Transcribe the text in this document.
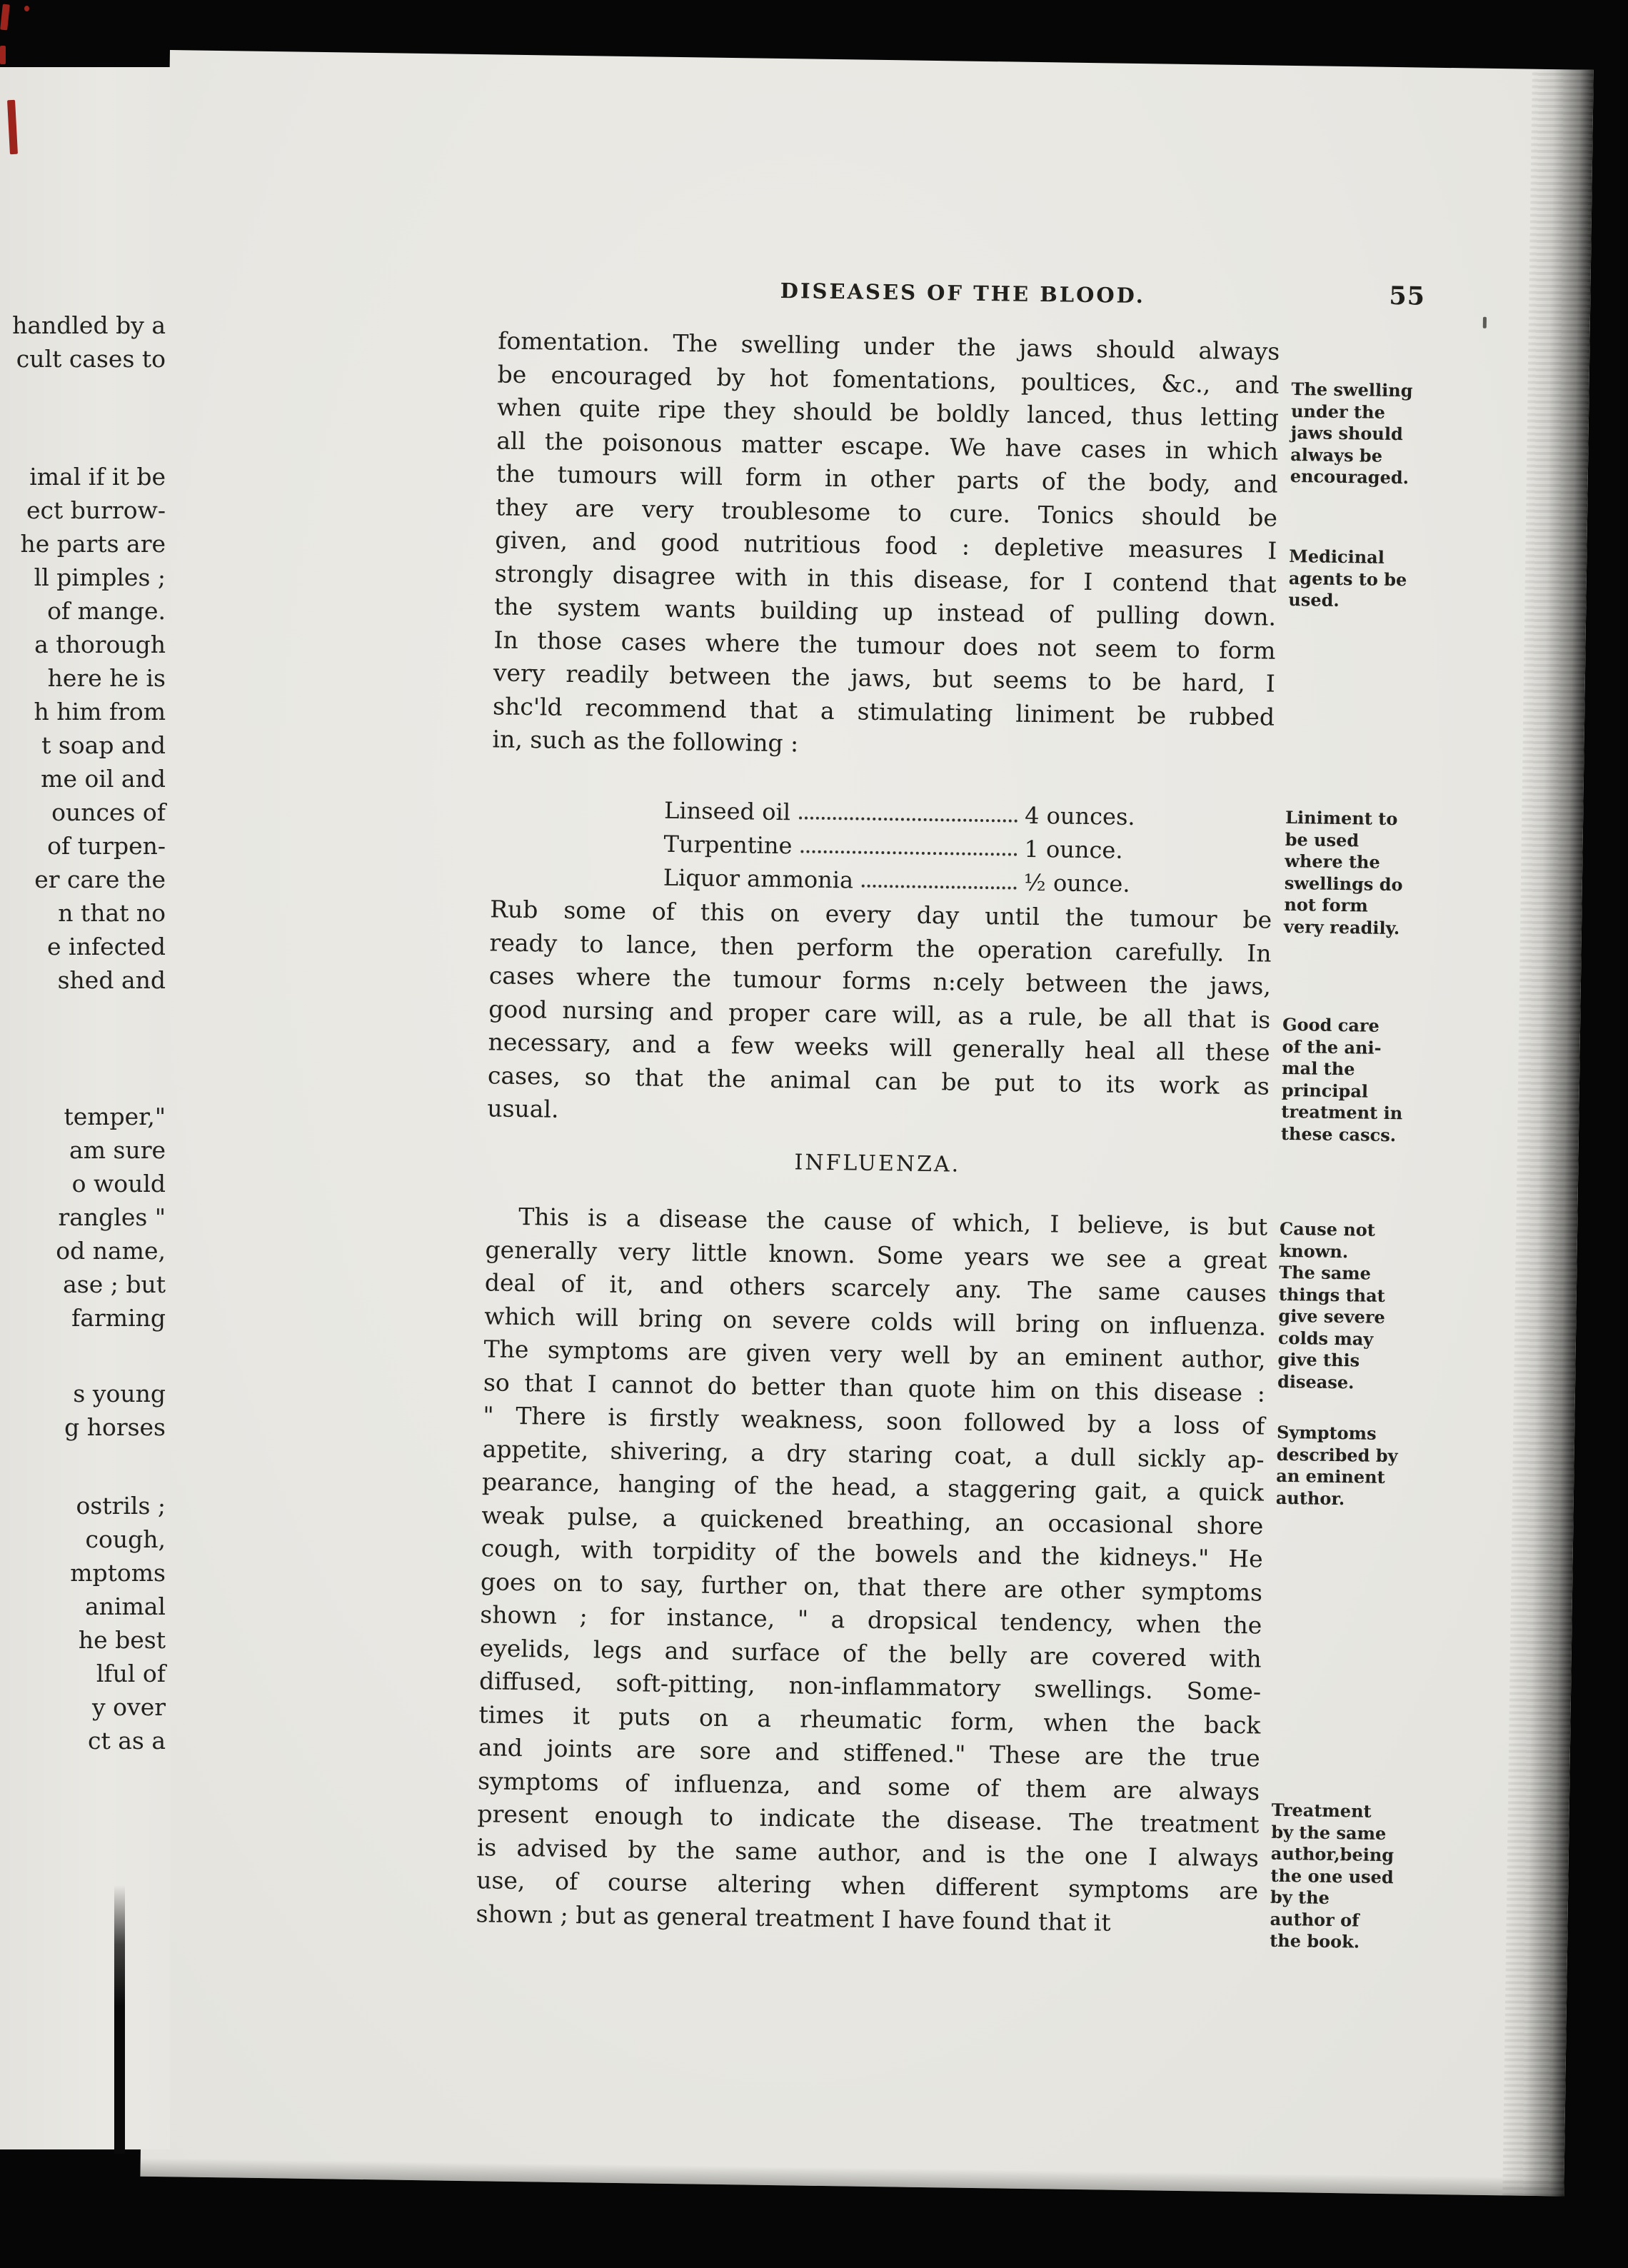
handled by a
cult cases to
imal if it be
ect burrow-
he parts are
ll pimples ;
of mange.
a thorough
here he is
h him from
t soap and
me oil and
ounces of
of turpen-
er care the
n that no
e infected
shed and
temper,"
am sure
o would
rangles "
od name,
ase ; but
farming
s young
g horses
ostrils ;
cough,
mptoms
animal
he best
lful of
y over
ct as a
DISEASES OF THE BLOOD.	55
fomentation. The swelling under the jaws should always
be encouraged by hot fomentations, poultices, &c., and
when quite ripe they should be boldly lanced, thus letting
all the poisonous matter escape. We have cases in which
the tumours will form in other parts of the body, and
they are very troublesome to cure. Tonics should be
given, and good nutritious food : depletive measures I
strongly disagree with in this disease, for I contend that
the system wants building up instead of pulling down.
In those cases where the tumour does not seem to form
very readily between the jaws, but seems to be hard, I
shc'ld recommend that a stimulating liniment be rubbed
in, such as the following :
Linseed oil	4 ounces.
Turpentine	1 ounce.
Liquor ammonia	½ ounce.
Rub some of this on every day until the tumour be
ready to lance, then perform the operation carefully. In
cases where the tumour forms n:cely between the jaws,
good nursing and proper care will, as a rule, be all that is
necessary, and a few weeks will generally heal all these
cases, so that the animal can be put to its work as
usual.
INFLUENZA.
This is a disease the cause of which, I believe, is but
generally very little known. Some years we see a great
deal of it, and others scarcely any. The same causes
which will bring on severe colds will bring on influenza.
The symptoms are given very well by an eminent author,
so that I cannot do better than quote him on this disease :
" There is firstly weakness, soon followed by a loss of
appetite, shivering, a dry staring coat, a dull sickly ap-
pearance, hanging of the head, a staggering gait, a quick
weak pulse, a quickened breathing, an occasional shore
cough, with torpidity of the bowels and the kidneys." He
goes on to say, further on, that there are other symptoms
shown ; for instance, " a dropsical tendency, when the
eyelids, legs and surface of the belly are covered with
diffused, soft-pitting, non-inflammatory swellings. Some-
times it puts on a rheumatic form, when the back
and joints are sore and stiffened." These are the true
symptoms of influenza, and some of them are always
present enough to indicate the disease. The treatment
is advised by the same author, and is the one I always
use, of course altering when different symptoms are
shown ; but as general treatment I have found that it
The swelling
under the
jaws should
always be
encouraged.
Medicinal
agents to be
used.
Liniment to
be used
where the
swellings do
not form
very readily.
Good care
of the ani-
mal the
principal
treatment in
these cascs.
Cause not
known.
The same
things that
give severe
colds may
give this
disease.
Symptoms
described by
an eminent
author.
Treatment
by the same
author,being
the one used
by the
author of
the book.
